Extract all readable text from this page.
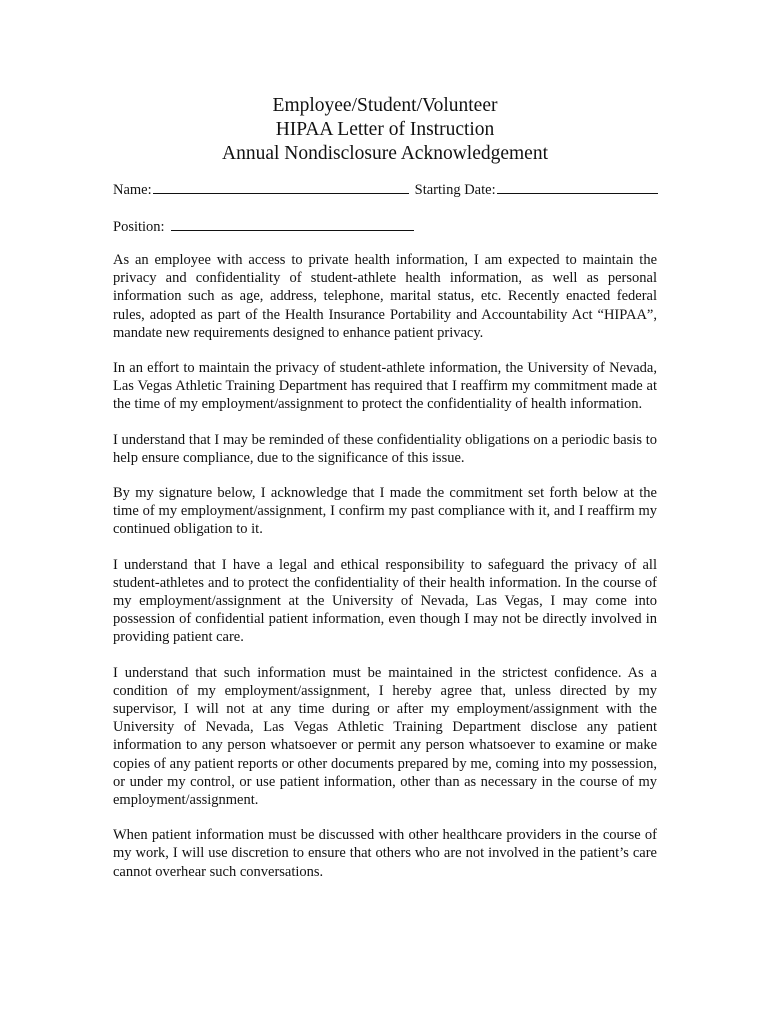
Employee/Student/Volunteer
HIPAA Letter of Instruction
Annual Nondisclosure Acknowledgement
Name:	Starting Date:
Position:

As an employee with access to private health information, I am expected to maintain the privacy and confidentiality of student-athlete health information, as well as personal information such as age, address, telephone, marital status, etc. Recently enacted federal rules, adopted as part of the Health Insurance Portability and Accountability Act “HIPAA”, mandate new requirements designed to enhance patient privacy.

In an effort to maintain the privacy of student-athlete information, the University of Nevada, Las Vegas Athletic Training Department has required that I reaffirm my commitment made at the time of my employment/assignment to protect the confidentiality of health information.

I understand that I may be reminded of these confidentiality obligations on a periodic basis to help ensure compliance, due to the significance of this issue.

By my signature below, I acknowledge that I made the commitment set forth below at the time of my employment/assignment, I confirm my past compliance with it, and I reaffirm my continued obligation to it.

I understand that I have a legal and ethical responsibility to safeguard the privacy of all student-athletes and to protect the confidentiality of their health information. In the course of my employment/assignment at the University of Nevada, Las Vegas, I may come into possession of confidential patient information, even though I may not be directly involved in providing patient care.

I understand that such information must be maintained in the strictest confidence. As a condition of my employment/assignment, I hereby agree that, unless directed by my supervisor, I will not at any time during or after my employment/assignment with the University of Nevada, Las Vegas Athletic Training Department disclose any patient information to any person whatsoever or permit any person whatsoever to examine or make copies of any patient reports or other documents prepared by me, coming into my possession, or under my control, or use patient information, other than as necessary in the course of my employment/assignment.

When patient information must be discussed with other healthcare providers in the course of my work, I will use discretion to ensure that others who are not involved in the patient’s care cannot overhear such conversations.
